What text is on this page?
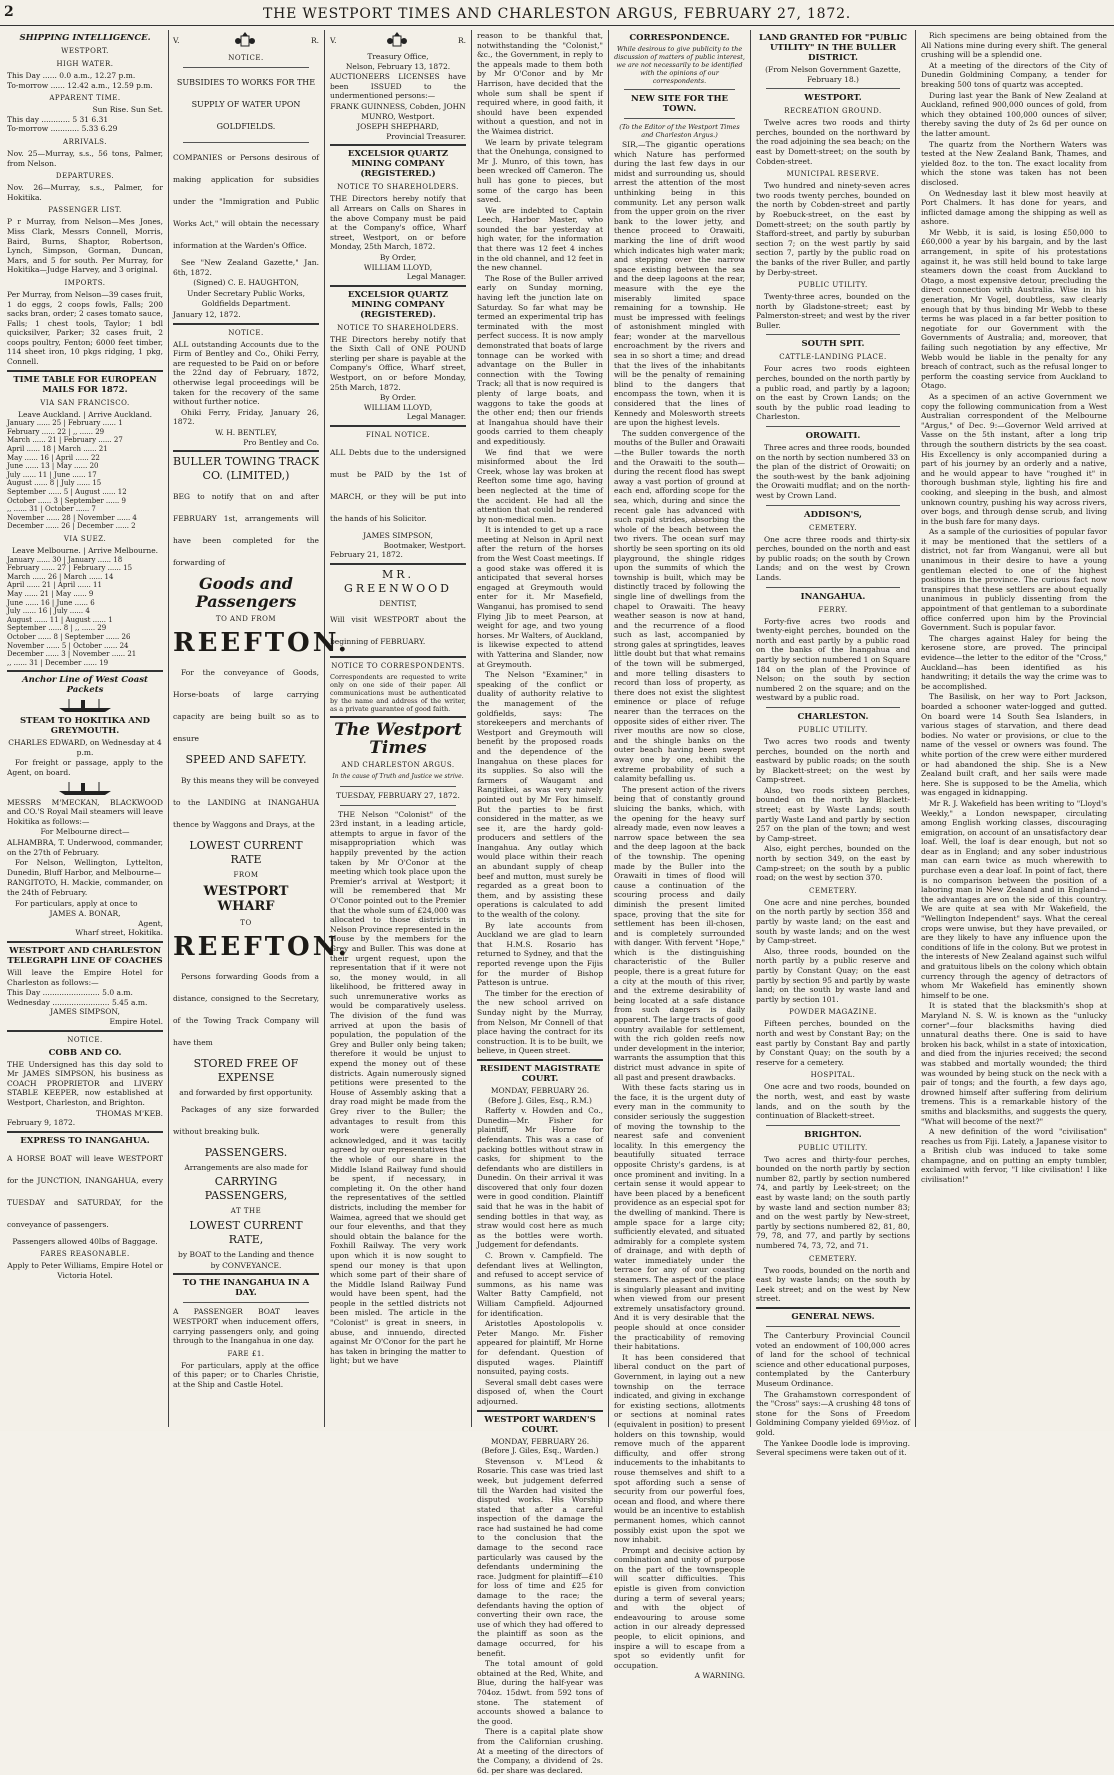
2	THE WESTPORT TIMES AND CHARLESTON ARGUS, FEBRUARY 27, 1872.
SHIPPING INTELLIGENCE.
WESTPORT.
HIGH WATER.
This Day ...... 0.0 a.m., 12.27 p.m.
To-morrow ...... 12.42 a.m., 12.59 p.m.
APPARENT TIME.
Sun Rise. Sun Set.
This day ............ 5 31 6.31
To-morrow ............ 5.33 6.29
ARRIVALS.

Nov. 25—Murray, s.s., 56 tons, Palmer, from Nelson.

DEPARTURES.

Nov. 26—Murray, s.s., Palmer, for Hokitika.

PASSENGER LIST.

P r Murray, from Nelson—Mes Jones, Miss Clark, Messrs Connell, Morris, Baird, Burns, Shaptor, Robertson, Lynch, Simpson, Gorman, Duncan, Mars, and 5 for south. Per Murray, for Hokitika—Judge Harvey, and 3 original.

IMPORTS.

Per Murray, from Nelson—39 cases fruit, 1 do eggs, 2 coops fowls, Falls; 200 sacks bran, order; 2 cases tomato sauce, Falls; 1 chest tools, Taylor; 1 bdl quicksilver, Parker; 32 cases fruit, 2 coops poultry, Fenton; 6000 feet timber, 114 sheet iron, 10 pkgs ridging, 1 pkg, Connell.

TIME TABLE FOR EUROPEAN MAILS FOR 1872.
VIA SAN FRANCISCO.
Leave Auckland. | Arrive Auckland.
January ...... 25 | February ...... 1
February ...... 22 | ,, ...... 29
March ...... 21 | February ...... 27
April ...... 18 | March ...... 21
May ...... 16 | April ...... 22
June ...... 13 | May ...... 20
July ...... 11 | June ...... 17
August ...... 8 | July ...... 15
September ...... 5 | August ...... 12
October ...... 3 | September ...... 9
,, ...... 31 | October ...... 7
November ...... 28 | November ...... 4
December ...... 26 | December ...... 2
VIA SUEZ.
Leave Melbourne. | Arrive Melbourne.
January ...... 30 | January ...... 18
February ...... 27 | February ...... 15
March ...... 26 | March ...... 14
April ...... 21 | April ...... 11
May ...... 21 | May ...... 9
June ...... 16 | June ...... 6
July ...... 16 | July ...... 4
August ...... 11 | August ...... 1
September ...... 8 | ,, ...... 29
October ...... 8 | September ...... 26
November ...... 5 | October ...... 24
December ...... 3 | November ...... 21
,, ...... 31 | December ...... 19
Anchor Line of West Coast Packets
STEAM TO HOKITIKA AND GREYMOUTH.

CHARLES EDWARD, on Wednesday at 4 p.m.

For freight or passage, apply to the Agent, on board.

MESSRS M'MECKAN, BLACKWOOD and CO.'S Royal Mail steamers will leave Hokitika as follows:—

For Melbourne direct—

ALHAMBRA, T. Underwood, commander, on the 27th of February.

For Nelson, Wellington, Lyttelton, Dunedin, Bluff Harbor, and Melbourne—

RANGITOTO, H. Mackie, commander, on the 24th of February.

For particulars, apply at once to

JAMES A. BONAR,
Agent,
Wharf street, Hokitika.
WESTPORT AND CHARLESTON TELEGRAPH LINE OF COACHES

Will leave the Empire Hotel for Charleston as follows:—

This Day ........................ 5.0 a.m.
Wednesday ........................ 5.45 a.m.
JAMES SIMPSON,
Empire Hotel.
NOTICE.
COBB AND CO.

THE Undersigned has this day sold to Mr JAMES SIMPSON, his business as COACH PROPRIETOR and LIVERY STABLE KEEPER, now established at Westport, Charleston, and Brighton.

THOMAS M'KEB.
February 9, 1872.
EXPRESS TO INANGAHUA.

A HORSE BOAT will leave WESTPORT for the JUNCTION, INANGAHUA, every TUESDAY and SATURDAY, for the conveyance of passengers.

Passengers allowed 40lbs of Baggage.

FARES REASONABLE.

Apply to Peter Williams, Empire Hotel or Victoria Hotel.

V.	R.
NOTICE.

SUBSIDIES TO WORKS FOR THE SUPPLY OF WATER UPON GOLDFIELDS.

COMPANIES or Persons desirous of making application for subsidies under the "Immigration and Public Works Act," will obtain the necessary information at the Warden's Office.

See "New Zealand Gazette," Jan. 6th, 1872.

(Signed) C. E. HAUGHTON,

Under Secretary Public Works,

Goldfields Department.

January 12, 1872.

NOTICE.

ALL outstanding Accounts due to the Firm of Bentley and Co., Ohiki Ferry, are requested to be Paid on or before the 22nd day of February, 1872, otherwise legal proceedings will be taken for the recovery of the same without further notice.

Ohiki Ferry, Friday, January 26, 1872.

W. H. BENTLEY,
Pro Bentley and Co.
BULLER TOWING TRACK CO. (LIMITED,)

BEG to notify that on and after FEBRUARY 1st, arrangements will have been completed for the forwarding of

Goods and Passengers
TO AND FROM
REEFTON.

For the conveyance of Goods, Horse-boats of large carrying capacity are being built so as to ensure

SPEED AND SAFETY.

By this means they will be conveyed to the LANDING at INANGAHUA thence by Waggons and Drays, at the

LOWEST CURRENT RATE
FROM
WESTPORT WHARF
TO
REEFTON.

Persons forwarding Goods from a distance, consigned to the Secretary, of the Towing Track Company will have them

STORED FREE OF EXPENSE

and forwarded by first opportunity.

Packages of any size forwarded without breaking bulk.

PASSENGERS.

Arrangements are also made for

CARRYING PASSENGERS,
AT THE
LOWEST CURRENT RATE,

by BOAT to the Landing and thence

by CONVEYANCE.

TO THE INANGAHUA IN A DAY.

A PASSENGER BOAT leaves WESTPORT when inducement offers, carrying passengers only, and going through to the Inangahua in one day.

FARE £1.

For particulars, apply at the office of this paper; or to Charles Christie, at the Ship and Castle Hotel.

V.	R.
Treasury Office,
Nelson, February 13, 1872.

AUCTIONEERS LICENSES have been ISSUED to the undermentioned persons:—

FRANK GUINNESS, Cobden, JOHN MUNRO, Westport.

JOSEPH SHEPHARD,
Provincial Treasurer.
EXCELSIOR QUARTZ MINING COMPANY (REGISTERED.)
NOTICE TO SHAREHOLDERS.

THE Directors hereby notify that all Arrears on Calls on Shares in the above Company must be paid at the Company's office, Wharf street, Westport, on or before Monday, 25th March, 1872.

By Order,
WILLIAM LLOYD,
Legal Manager.
EXCELSIOR QUARTZ MINING COMPANY (REGISTERED).
NOTICE TO SHAREHOLDERS.

THE Directors hereby notify that the Sixth Call of ONE POUND sterling per share is payable at the Company's Office, Wharf street, Westport, on or before Monday, 25th March, 1872.

By Order.
WILLIAM LLOYD,
Legal Manager.
FINAL NOTICE.

ALL Debts due to the undersigned must be PAID by the 1st of MARCH, or they will be put into the hands of his Solicitor.

JAMES SIMPSON,
Bootmaker, Westport.
February 21, 1872.
MR. GREENWOOD
DENTIST,

Will visit WESTPORT about the beginning of FEBRUARY.

NOTICE TO CORRESPONDENTS.

Correspondents are requested to write only on one side of their paper. All communications must be authenticated by the name and address of the writer, as a private guarantee of good faith.

The Westport Times
AND CHARLESTON ARGUS.
In the cause of Truth and Justice we strive.
TUESDAY, FEBRUARY 27, 1872.

THE Nelson "Colonist" of the 23rd instant, in a leading article, attempts to argue in favor of the misappropriation which was happily prevented by the action taken by Mr O'Conor at the meeting which took place upon the Premier's arrival at Westport; it will be remembered that Mr O'Conor pointed out to the Premier that the whole sum of £24,000 was allocated to those districts in Nelson Province represented in the House by the members for the Grey and Buller. This was done at their urgent request, upon the representation that if it were not so, the money would, in all likelihood, be frittered away in such unremunerative works as would be comparatively useless. The division of the fund was arrived at upon the basis of population, the population of the Grey and Buller only being taken; therefore it would be unjust to expend the money out of these districts. Again numerously signed petitions were presented to the House of Assembly asking that a dray road might be made from the Grey river to the Buller; the advantages to result from this work were generally acknowledged, and it was tacitly agreed by our representatives that the whole of our share in the Middle Island Railway fund should be spent, if necessary, in completing it. On the other hand the representatives of the settled districts, including the member for Waimea, agreed that we should get our four elevenths, and that they should obtain the balance for the Foxhill Railway. The very work upon which it is now sought to spend our money is that upon which some part of their share of the Middle Island Railway Fund would have been spent, had the people in the settled districts not been misled. The article in the "Colonist" is great in sneers, in abuse, and innuendo, directed against Mr O'Conor for the part he has taken in bringing the matter to light; but we have

reason to be thankful that, notwithstanding the "Colonist," &c., the Government, in reply to the appeals made to them both by Mr O'Conor and by Mr Harrison, have decided that the whole sum shall be spent if required where, in good faith, it should have been expended without a question, and not in the Waimea district.

We learn by private telegram that the Onehunga, consigned to Mr J. Munro, of this town, has been wrecked off Cameron. The hull has gone to pieces, but some of the cargo has been saved.

We are indebted to Captain Leech, Harbor Master, who sounded the bar yesterday at high water, for the information that there was 12 feet 4 inches in the old channel, and 12 feet in the new channel.

The Rose of the Buller arrived early on Sunday morning, having left the junction late on Saturday. So far what may be termed an experimental trip has terminated with the most perfect success. It is now amply demonstrated that boats of large tonnage can be worked with advantage on the Buller in connection with the Towing Track; all that is now required is plenty of large boats, and waggons to take the goods at the other end; then our friends at Inangahua should have their goods carried to them cheaply and expeditiously.

We find that we were misinformed about the Ird Creek, whose lay was broken at Reefton some time ago, having been neglected at the time of the accident. He had all the attention that could be rendered by non-medical men.

It is intended to get up a race meeting at Nelson in April next after the return of the horses from the West Coast meetings. If a good stake was offered it is anticipated that several horses engaged at Greymouth would enter for it. Mr Masefield, Wanganui, has promised to send Flying Jib to meet Pearson, at weight for age, and two young horses. Mr Walters, of Auckland, is likewise expected to attend with Yatterina and Slander, now at Greymouth.

The Nelson "Examiner," in speaking of the conflict or duality of authority relative to the management of the goldfields, says: The storekeepers and merchants of Westport and Greymouth will benefit by the proposed roads and the dependence of the Inangahua on these places for its supplies. So also will the farmers of Waugamt and Rangitikei, as was very naively pointed out by Mr Fox himself. But the parties to be first considered in the matter, as we see it, are the hardy gold-producers and settlers of the Inangahua. Any outlay which would place within their reach an abundant supply of cheap beef and mutton, must surely be regarded as a great boon to them, and by assisting these operations is calculated to add to the wealth of the colony.

By late accounts from Auckland we are glad to learn that H.M.S. Rosario has returned to Sydney, and that the reported revenge upon the Fijis for the murder of Bishop Patteson is untrue.

The timber for the erection of the new school arrived on Sunday night by the Murray, from Nelson, Mr Connell of that place having the contract for its construction. It is to be built, we believe, in Queen street.

RESIDENT MAGISTRATE COURT.
MONDAY, FEBRUARY 26.
(Before J. Giles, Esq., R.M.)

Rafferty v. Howden and Co., Dunedin—Mr. Fisher for plaintiff, Mr Horne for defendants. This was a case of packing bottles without straw in casks, for shipment to the defendants who are distillers in Dunedin. On their arrival it was discovered that only four dozen were in good condition. Plaintiff said that he was in the habit of sending bottles in that way, as straw would cost here as much as the bottles were worth. Judgement for defendants.

C. Brown v. Campfield. The defendant lives at Wellington, and refused to accept service of summons, as his name was Walter Batty Campfield, not William Campfield. Adjourned for identification.

Aristotles Apostolopolis v. Peter Mango. Mr. Fisher appeared for plaintiff, Mr Horne for defendant. Question of disputed wages. Plaintiff nonsuited, paying costs.

Several small debt cases were disposed of, when the Court adjourned.

WESTPORT WARDEN'S COURT.
MONDAY, FEBRUARY 26.
(Before J. Giles, Esq., Warden.)

Stevenson v. M'Leod & Rosarie. This case was tried last week, but judgement deferred till the Warden had visited the disputed works. His Worship stated that after a careful inspection of the damage the race had sustained he had come to the conclusion that the damage to the second race particularly was caused by the defendants undermining the race. Judgment for plaintiff—£10 for loss of time and £25 for damage to the race; the defendants having the option of converting their own race, the use of which they had offered to the plaintiff as soon as the damage occurred, for his benefit.

The total amount of gold obtained at the Red, White, and Blue, during the half-year was 704oz. 15dwt. from 592 tons of stone. The statement of accounts showed a balance to the good.

There is a capital plate show from the Californian crushing. At a meeting of the directors of the Company, a dividend of 2s. 6d. per share was declared.

CORRESPONDENCE.

While desirous to give publicity to the discussion of matters of public interest, we are not necessarily to be identified with the opinions of our correspondents.

NEW SITE FOR THE TOWN.

(To the Editor of the Westport Times and Charleston Argus.)

SIR,—The gigantic operations which Nature has performed during the last few days in our midst and surrounding us, should arrest the attention of the most unthinking being in this community. Let any person walk from the upper groin on the river bank to the lower jetty, and thence proceed to Orawaiti, marking the line of drift wood which indicates high water mark; and stepping over the narrow space existing between the sea and the deep lagoons at the rear, measure with the eye the miserably limited space remaining for a township. He must be impressed with feelings of astonishment mingled with fear; wonder at the marvellous encroachment by the rivers and sea in so short a time; and dread that the lives of the inhabitants will be the penalty of remaining blind to the dangers that encompass the town, when it is considered that the lines of Kennedy and Molesworth streets are upon the highest levels.

The sudden convergence of the mouths of the Buller and Orawaiti—the Buller towards the north and the Orawaiti to the south—during the recent flood has swept away a vast portion of ground at each end, affording scope for the sea, which, during and since the recent gale has advanced with such rapid strides, absorbing the whole of the beach between the two rivers. The ocean surf may shortly be seen sporting on its old playground, the shingle ridges upon the summits of which the township is built, which may be distinctly traced by following the single line of dwellings from the chapel to Orawaiti. The heavy weather season is now at hand, and the recurrence of a flood such as last, accompanied by strong gales at springtides, leaves little doubt but that what remains of the town will be submerged, and more telling disasters to record than loss of property, as there does not exist the slightest eminence or place of refuge nearer than the terraces on the opposite sides of either river. The river mouths are now so close, and the shingle banks on the outer beach having been swept away one by one, exhibit the extreme probability of such a calamity befalling us.

The present action of the rivers being that of constantly ground sluicing the banks, which, with the opening for the heavy surf already made, even now leaves a narrow space between the sea and the deep lagoon at the back of the township. The opening made by the Buller into the Orawaiti in times of flood will cause a continuation of the scouring process and daily diminish the present limited space, proving that the site for settlement has been ill-chosen, and is completely surrounded with danger. With fervent "Hope," which is the distinguishing characteristic of the Buller people, there is a great future for a city at the mouth of this river, and the extreme desirability of being located at a safe distance from such dangers is daily apparent. The large tracts of good country available for settlement, with the rich golden reefs now under development in the interior, warrants the assumption that this district must advance in spite of all past and present drawbacks.

With these facts staring us in the face, it is the urgent duty of every man in the community to consider seriously the suggestion of moving the township to the nearest safe and convenient locality. In this emergency the beautifully situated terrace opposite Christy's gardens, is at once prominent and inviting. In a certain sense it would appear to have been placed by a beneficent providence as an especial spot for the dwelling of mankind. There is ample space for a large city; sufficiently elevated, and situated admirably for a complete system of drainage, and with depth of water immediately under the terrace for any of our coasting steamers. The aspect of the place is singularly pleasant and inviting when viewed from our present extremely unsatisfactory ground. And it is very desirable that the people should at once consider the practicability of removing their habitations.

It has been considered that liberal conduct on the part of Government, in laying out a new township on the terrace indicated, and giving in exchange for existing sections, allotments or sections at nominal rates (equivalent in position) to present holders on this township, would remove much of the apparent difficulty, and offer strong inducements to the inhabitants to rouse themselves and shift to a spot affording such a sense of security from our powerful foes, ocean and flood, and where there would be an incentive to establish permanent homes, which cannot possibly exist upon the spot we now inhabit.

Prompt and decisive action by combination and unity of purpose on the part of the townspeople will scatter difficulties. This epistle is given from conviction during a term of several years; and with the object of endeavouring to arouse some action in our already depressed people, to elicit opinions, and inspire a will to escape from a spot so evidently unfit for occupation.

A WARNING.
LAND GRANTED FOR "PUBLIC UTILITY" IN THE BULLER DISTRICT.
(From Nelson Government Gazette, February 18.)
WESTPORT.
RECREATION GROUND.

Twelve acres two roods and thirty perches, bounded on the northward by the road adjoining the sea beach; on the east by Domett-street; on the south by Cobden-street.

MUNICIPAL RESERVE.

Two hundred and ninety-seven acres two roods twenty perches, bounded on the north by Cobden-street and partly by Roebuck-street, on the east by Domett-street; on the south partly by Stafford-street, and partly by suburban section 7; on the west partly by said section 7, partly by the public road on the banks of the river Buller, and partly by Derby-street.

PUBLIC UTILITY.

Twenty-three acres, bounded on the north by Gladstone-street; east by Palmerston-street; and west by the river Buller.

SOUTH SPIT.
CATTLE-LANDING PLACE.

Four acres two roods eighteen perches, bounded on the north partly by a public road, and partly by a lagoon; on the east by Crown Lands; on the south by the public road leading to Charleston.

OROWAITI.

Three acres and three roods, bounded on the north by section numbered 33 on the plan of the district of Orowaiti; on the south-west by the bank adjoining the Orowaiti mudflat; and on the north-west by Crown Land.

ADDISON'S,
CEMETERY.

One acre three roods and thirty-six perches, bounded on the north and east by public roads; on the south by Crown Lands; and on the west by Crown Lands.

INANGAHUA.
FERRY.

Forty-five acres two roods and twenty-eight perches, bounded on the north and east partly by a public road on the banks of the Inangahua and partly by section numbered 1 on Square 184 on the plan of the Province of Nelson; on the south by section numbered 2 on the square; and on the westward by a public road.

CHARLESTON.
PUBLIC UTILITY.

Two acres two roods and twenty perches, bounded on the north and eastward by public roads; on the south by Blackett-street; on the west by Camp-street.

Also, two roods sixteen perches, bounded on the north by Blackett-street; east by Waste Lands; south partly Waste Land and partly by section 257 on the plan of the town; and west by Camp-street.

Also, eight perches, bounded on the north by section 349, on the east by Camp-street; on the south by a public road; on the west by section 370.

CEMETERY.

One acre and nine perches, bounded on the north partly by section 358 and partly by waste land; on the east and south by waste lands; and on the west by Camp-street.

Also, three roods, bounded on the north partly by a public reserve and partly by Constant Quay; on the east partly by section 95 and partly by waste land; on the south by waste land and partly by section 101.

POWDER MAGAZINE.

Fifteen perches, bounded on the north and west by Constant Bay; on the east partly by Constant Bay and partly by Constant Quay; on the south by a reserve for a cemetery.

HOSPITAL.

One acre and two roods, bounded on the north, west, and east by waste lands, and on the south by the continuation of Blackett-street.

BRIGHTON.
PUBLIC UTILITY.

Two acres and thirty-four perches, bounded on the north partly by section number 82, partly by section numbered 74, and partly by Leek-street; on the east by waste land; on the south partly by waste land and section number 83; and on the west partly by New-street, partly by sections numbered 82, 81, 80, 79, 78, and 77, and partly by sections numbered 74, 73, 72, and 71.

CEMETERY.

Two roods, bounded on the north and east by waste lands; on the south by Leek street; and on the west by New street.

GENERAL NEWS.

The Canterbury Provincial Council voted an endowment of 100,000 acres of land for the school of technical science and other educational purposes, contemplated by the Canterbury Museum Ordinance.

The Grahamstown correspondent of the "Cross" says:—A crushing 48 tons of stone for the Sons of Freedom Goldmining Company yielded 69½oz. of gold.

The Yankee Doodle lode is improving. Several specimens were taken out of it.

Rich specimens are being obtained from the All Nations mine during every shift. The general crushing will be a splendid one.

At a meeting of the directors of the City of Dunedin Goldmining Company, a tender for breaking 500 tons of quartz was accepted.

During last year the Bank of New Zealand at Auckland, refined 900,000 ounces of gold, from which they obtained 100,000 ounces of silver, thereby saving the duty of 2s 6d per ounce on the latter amount.

The quartz from the Northern Waters was tested at the New Zealand Bank, Thames, and yielded 8oz. to the ton. The exact locality from which the stone was taken has not been disclosed.

On Wednesday last it blew most heavily at Port Chalmers. It has done for years, and inflicted damage among the shipping as well as ashore.

Mr Webb, it is said, is losing £50,000 to £60,000 a year by his bargain, and by the last arrangement, in spite of his protestations against it, he was still held bound to take large steamers down the coast from Auckland to Otago, a most expensive detour, precluding the direct connection with Australia. Wise in his generation, Mr Vogel, doubtless, saw clearly enough that by thus binding Mr Webb to these terms he was placed in a far better position to negotiate for our Government with the Governments of Australia; and, moreover, that failing such negotiation by any effective, Mr Webb would be liable in the penalty for any breach of contract, such as the refusal longer to perform the coasting service from Auckland to Otago.

As a specimen of an active Government we copy the following communication from a West Australian correspondent of the Melbourne "Argus," of Dec. 9:—Governor Weld arrived at Vasse on the 5th instant, after a long trip through the southern districts by the sea coast. His Excellency is only accompanied during a part of his journey by an orderly and a native, and he would appear to have "roughed it" in thorough bushman style, lighting his fire and cooking, and sleeping in the bush, and almost unknown country, pushing his way across rivers, over bogs, and through dense scrub, and living in the bush fare for many days.

As a sample of the curiosities of popular favor it may be mentioned that the settlers of a district, not far from Wanganui, were all but unanimous in their desire to have a young gentleman elected to one of the highest positions in the province. The curious fact now transpires that these settlers are about equally unanimous in publicly dissenting from the appointment of that gentleman to a subordinate office conferred upon him by the Provincial Government. Such is popular favor.

The charges against Haley for being the kerosene store, are proved. The principal evidence—the letter to the editor of the "Cross," Auckland—has been identified as his handwriting; it details the way the crime was to be accomplished.

The Basilisk, on her way to Port Jackson, boarded a schooner water-logged and gutted. On board were 14 South Sea Islanders, in various stages of starvation, and there dead bodies. No water or provisions, or clue to the name of the vessel or owners was found. The white portion of the crew were either murdered or had abandoned the ship. She is a New Zealand built craft, and her sails were made here. She is supposed to be the Amelia, which was engaged in kidnapping.

Mr R. J. Wakefield has been writing to "Lloyd's Weekly," a London newspaper, circulating among English working classes, discouraging emigration, on account of an unsatisfactory dear loaf. Well, the loaf is dear enough, but not so dear as in England; and any sober industrious man can earn twice as much wherewith to purchase even a dear loaf. In point of fact, there is no comparison between the position of a laboring man in New Zealand and in England—the advantages are on the side of this country. We are quite at sea with Mr Wakefield, the "Wellington Independent" says. What the cereal crops were unwise, but they have prevailed, or are they likely to have any influence upon the conditions of life in the colony. But we protest in the interests of New Zealand against such wilful and gratuitous libels on the colony which obtain currency through the agency of detractors of whom Mr Wakefield has eminently shown himself to be one.

It is stated that the blacksmith's shop at Maryland N. S. W. is known as the "unlucky corner"—four blacksmiths having died unnatural deaths there. One is said to have broken his back, whilst in a state of intoxication, and died from the injuries received; the second was stabbed and mortally wounded; the third was wounded by being stuck on the neck with a pair of tongs; and the fourth, a few days ago, drowned himself after suffering from delirium tremens. This is a remarkable history of the smiths and blacksmiths, and suggests the query, "What will become of the next?"

A new definition of the word "civilisation" reaches us from Fiji. Lately, a Japanese visitor to a British club was induced to take some champagne, and on putting an empty tumbler, exclaimed with fervor, "I like civilisation! I like civilisation!"
